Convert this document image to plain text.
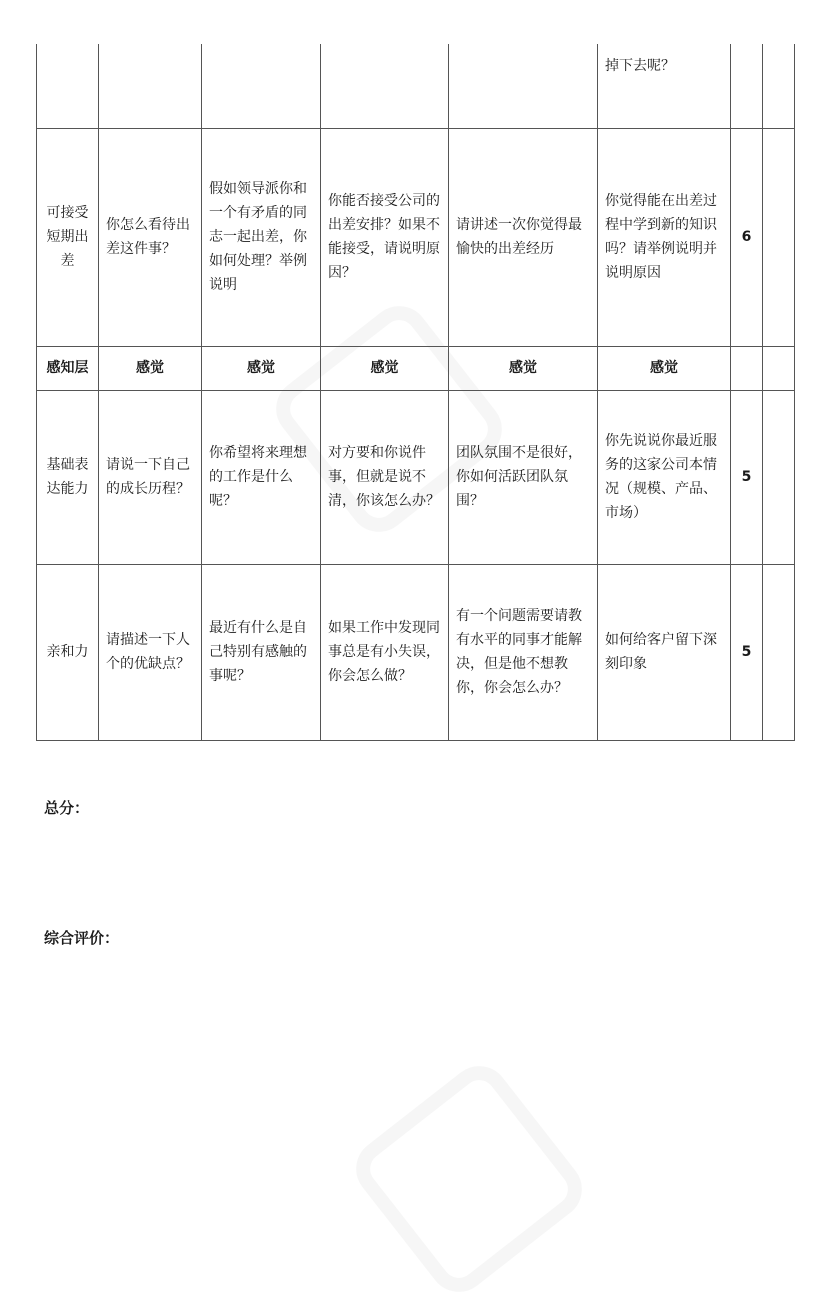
					掉下去呢？		
可接受短期出差	你怎么看待出差这件事？	假如领导派你和一个有矛盾的同志一起出差，你如何处理？举例说明	你能否接受公司的出差安排？如果不能接受，请说明原因？	请讲述一次你觉得最愉快的出差经历	你觉得能在出差过程中学到新的知识吗？请举例说明并说明原因	6	
感知层	感觉	感觉	感觉	感觉	感觉		
基础表达能力	请说一下自己的成长历程？	你希望将来理想的工作是什么呢？	对方要和你说件事，但就是说不清，你该怎么办？	团队氛围不是很好，你如何活跃团队氛围？	你先说说你最近服务的这家公司本情况（规模、产品、市场）	5	
亲和力	请描述一下人个的优缺点？	最近有什么是自己特别有感触的事呢？	如果工作中发现同事总是有小失误，你会怎么做？	有一个问题需要请教有水平的同事才能解决，但是他不想教你，你会怎么办？	如何给客户留下深刻印象	5	
总分：
综合评价：
